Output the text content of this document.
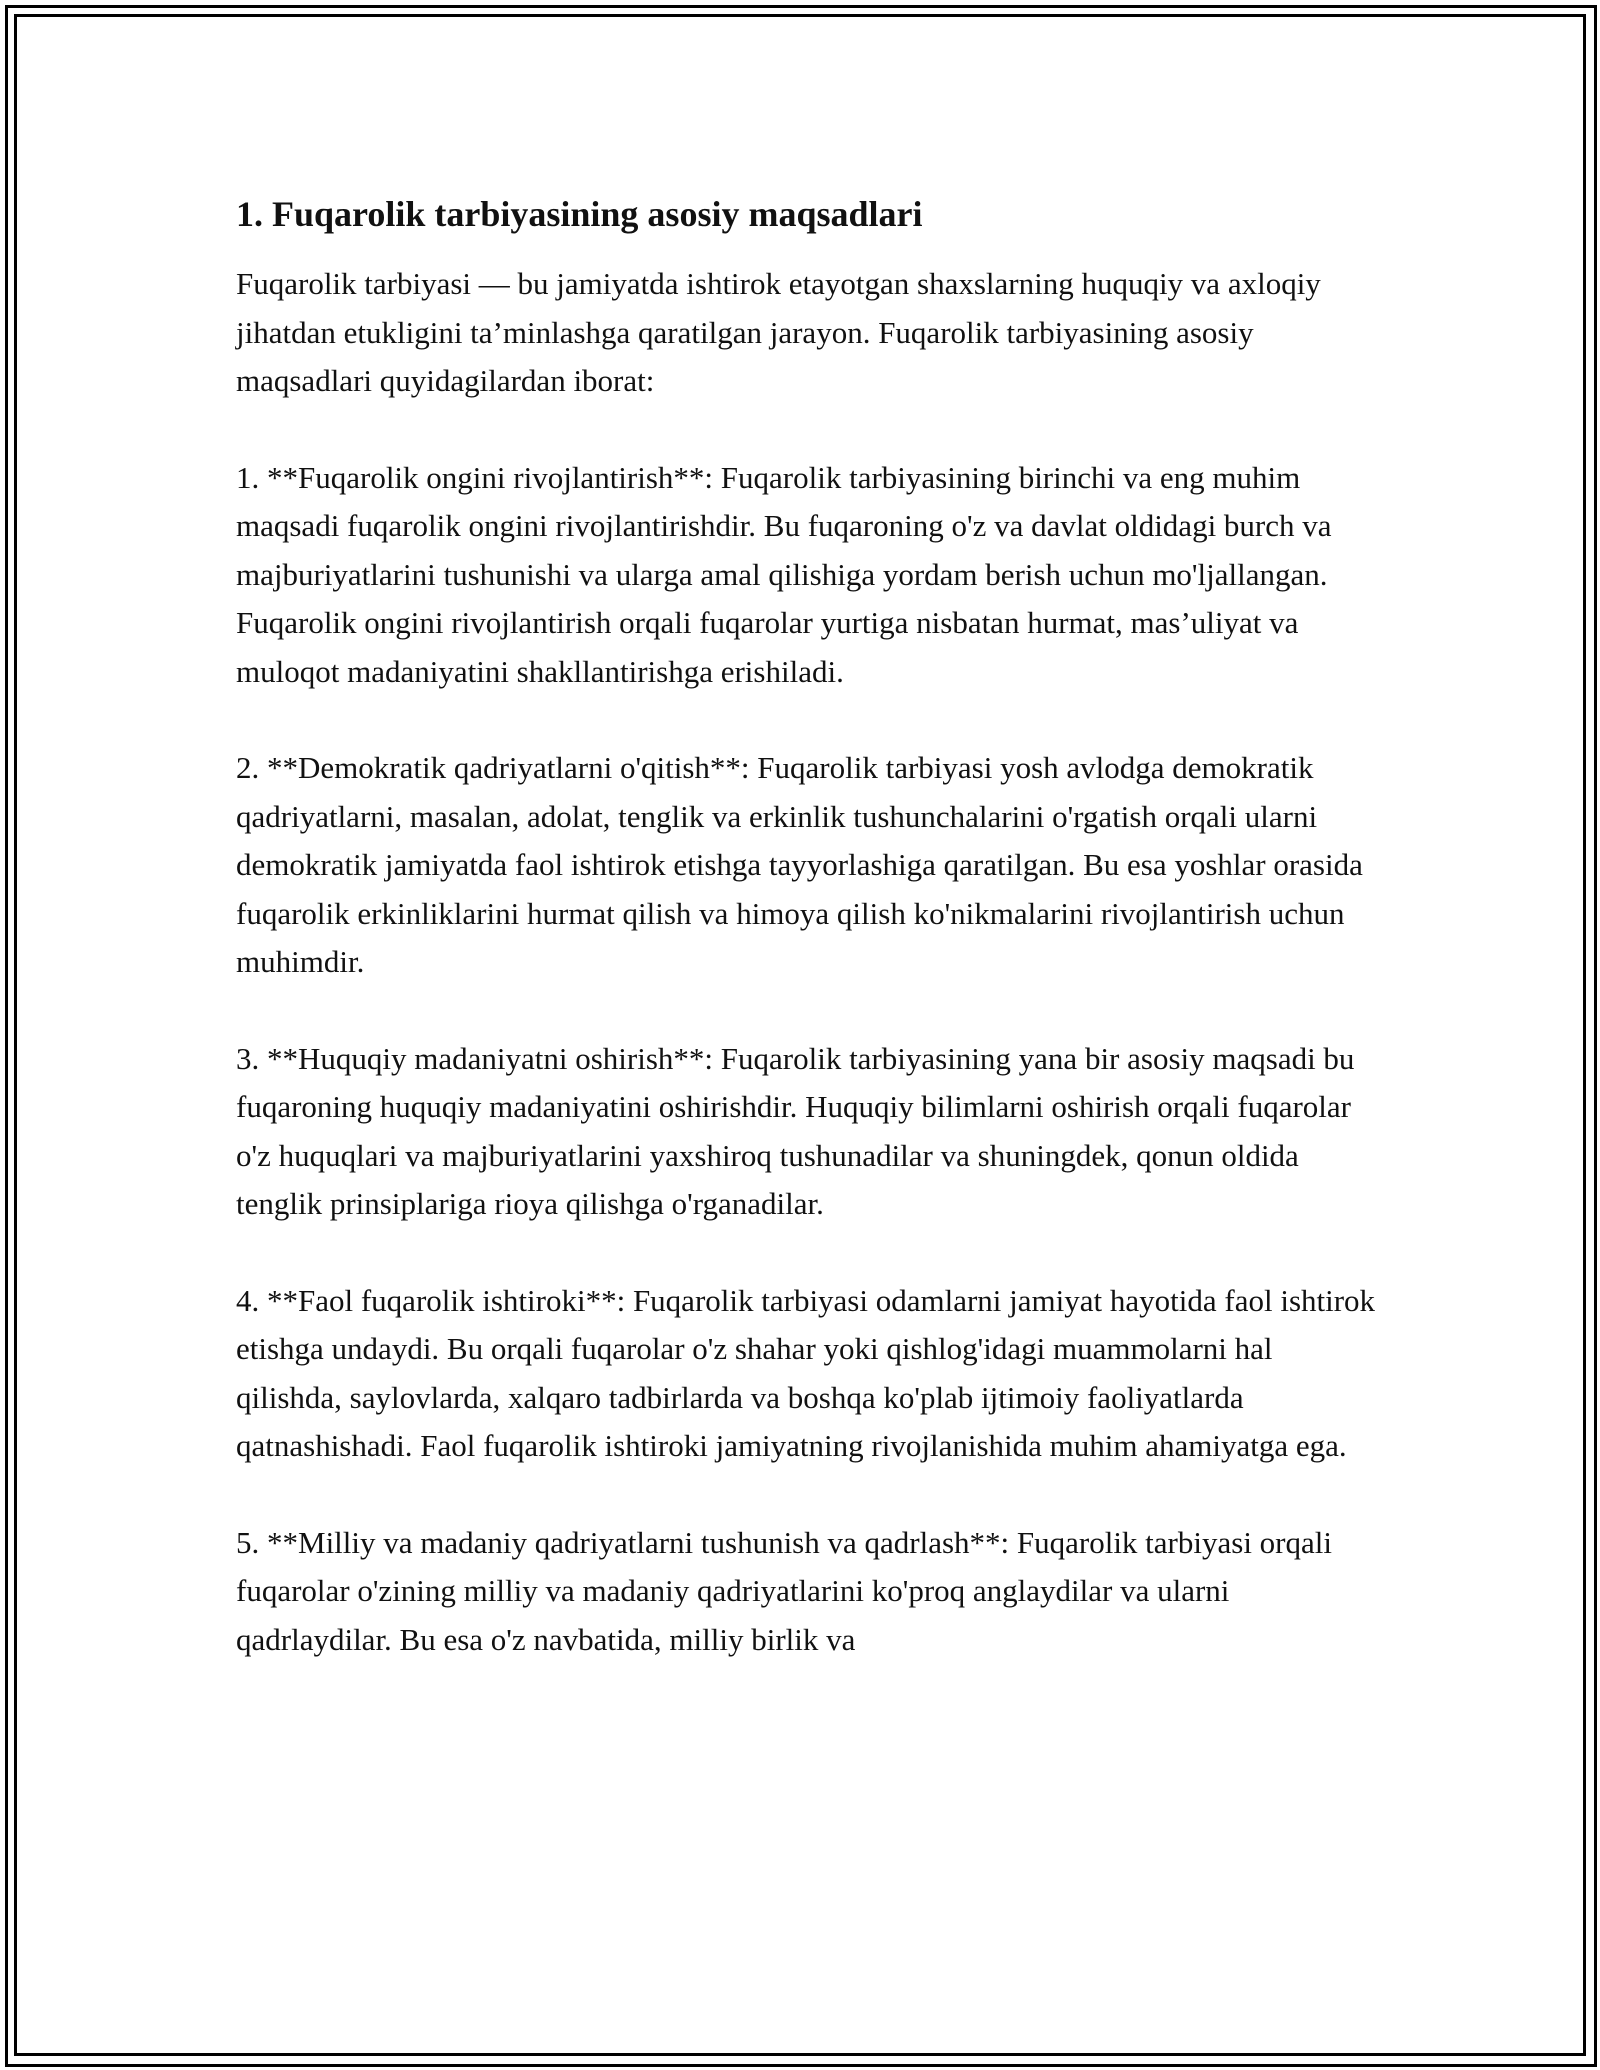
1. Fuqarolik tarbiyasining asosiy maqsadlari

Fuqarolik tarbiyasi — bu jamiyatda ishtirok etayotgan shaxslarning huquqiy va axloqiy jihatdan etukligini ta’minlashga qaratilgan jarayon. Fuqarolik tarbiyasining asosiy maqsadlari quyidagilardan iborat:

1. **Fuqarolik ongini rivojlantirish**: Fuqarolik tarbiyasining birinchi va eng muhim maqsadi fuqarolik ongini rivojlantirishdir. Bu fuqaroning o'z va davlat oldidagi burch va majburiyatlarini tushunishi va ularga amal qilishiga yordam berish uchun mo'ljallangan. Fuqarolik ongini rivojlantirish orqali fuqarolar yurtiga nisbatan hurmat, mas’uliyat va muloqot madaniyatini shakllantirishga erishiladi.

2. **Demokratik qadriyatlarni o'qitish**: Fuqarolik tarbiyasi yosh avlodga demokratik qadriyatlarni, masalan, adolat, tenglik va erkinlik tushunchalarini o'rgatish orqali ularni demokratik jamiyatda faol ishtirok etishga tayyorlashiga qaratilgan. Bu esa yoshlar orasida fuqarolik erkinliklarini hurmat qilish va himoya qilish ko'nikmalarini rivojlantirish uchun muhimdir.

3. **Huquqiy madaniyatni oshirish**: Fuqarolik tarbiyasining yana bir asosiy maqsadi bu fuqaroning huquqiy madaniyatini oshirishdir. Huquqiy bilimlarni oshirish orqali fuqarolar o'z huquqlari va majburiyatlarini yaxshiroq tushunadilar va shuningdek, qonun oldida tenglik prinsiplariga rioya qilishga o'rganadilar.

4. **Faol fuqarolik ishtiroki**: Fuqarolik tarbiyasi odamlarni jamiyat hayotida faol ishtirok etishga undaydi. Bu orqali fuqarolar o'z shahar yoki qishlog'idagi muammolarni hal qilishda, saylovlarda, xalqaro tadbirlarda va boshqa ko'plab ijtimoiy faoliyatlarda qatnashishadi. Faol fuqarolik ishtiroki jamiyatning rivojlanishida muhim ahamiyatga ega.

5. **Milliy va madaniy qadriyatlarni tushunish va qadrlash**: Fuqarolik tarbiyasi orqali fuqarolar o'zining milliy va madaniy qadriyatlarini ko'proq anglaydilar va ularni qadrlaydilar. Bu esa o'z navbatida, milliy birlik va
